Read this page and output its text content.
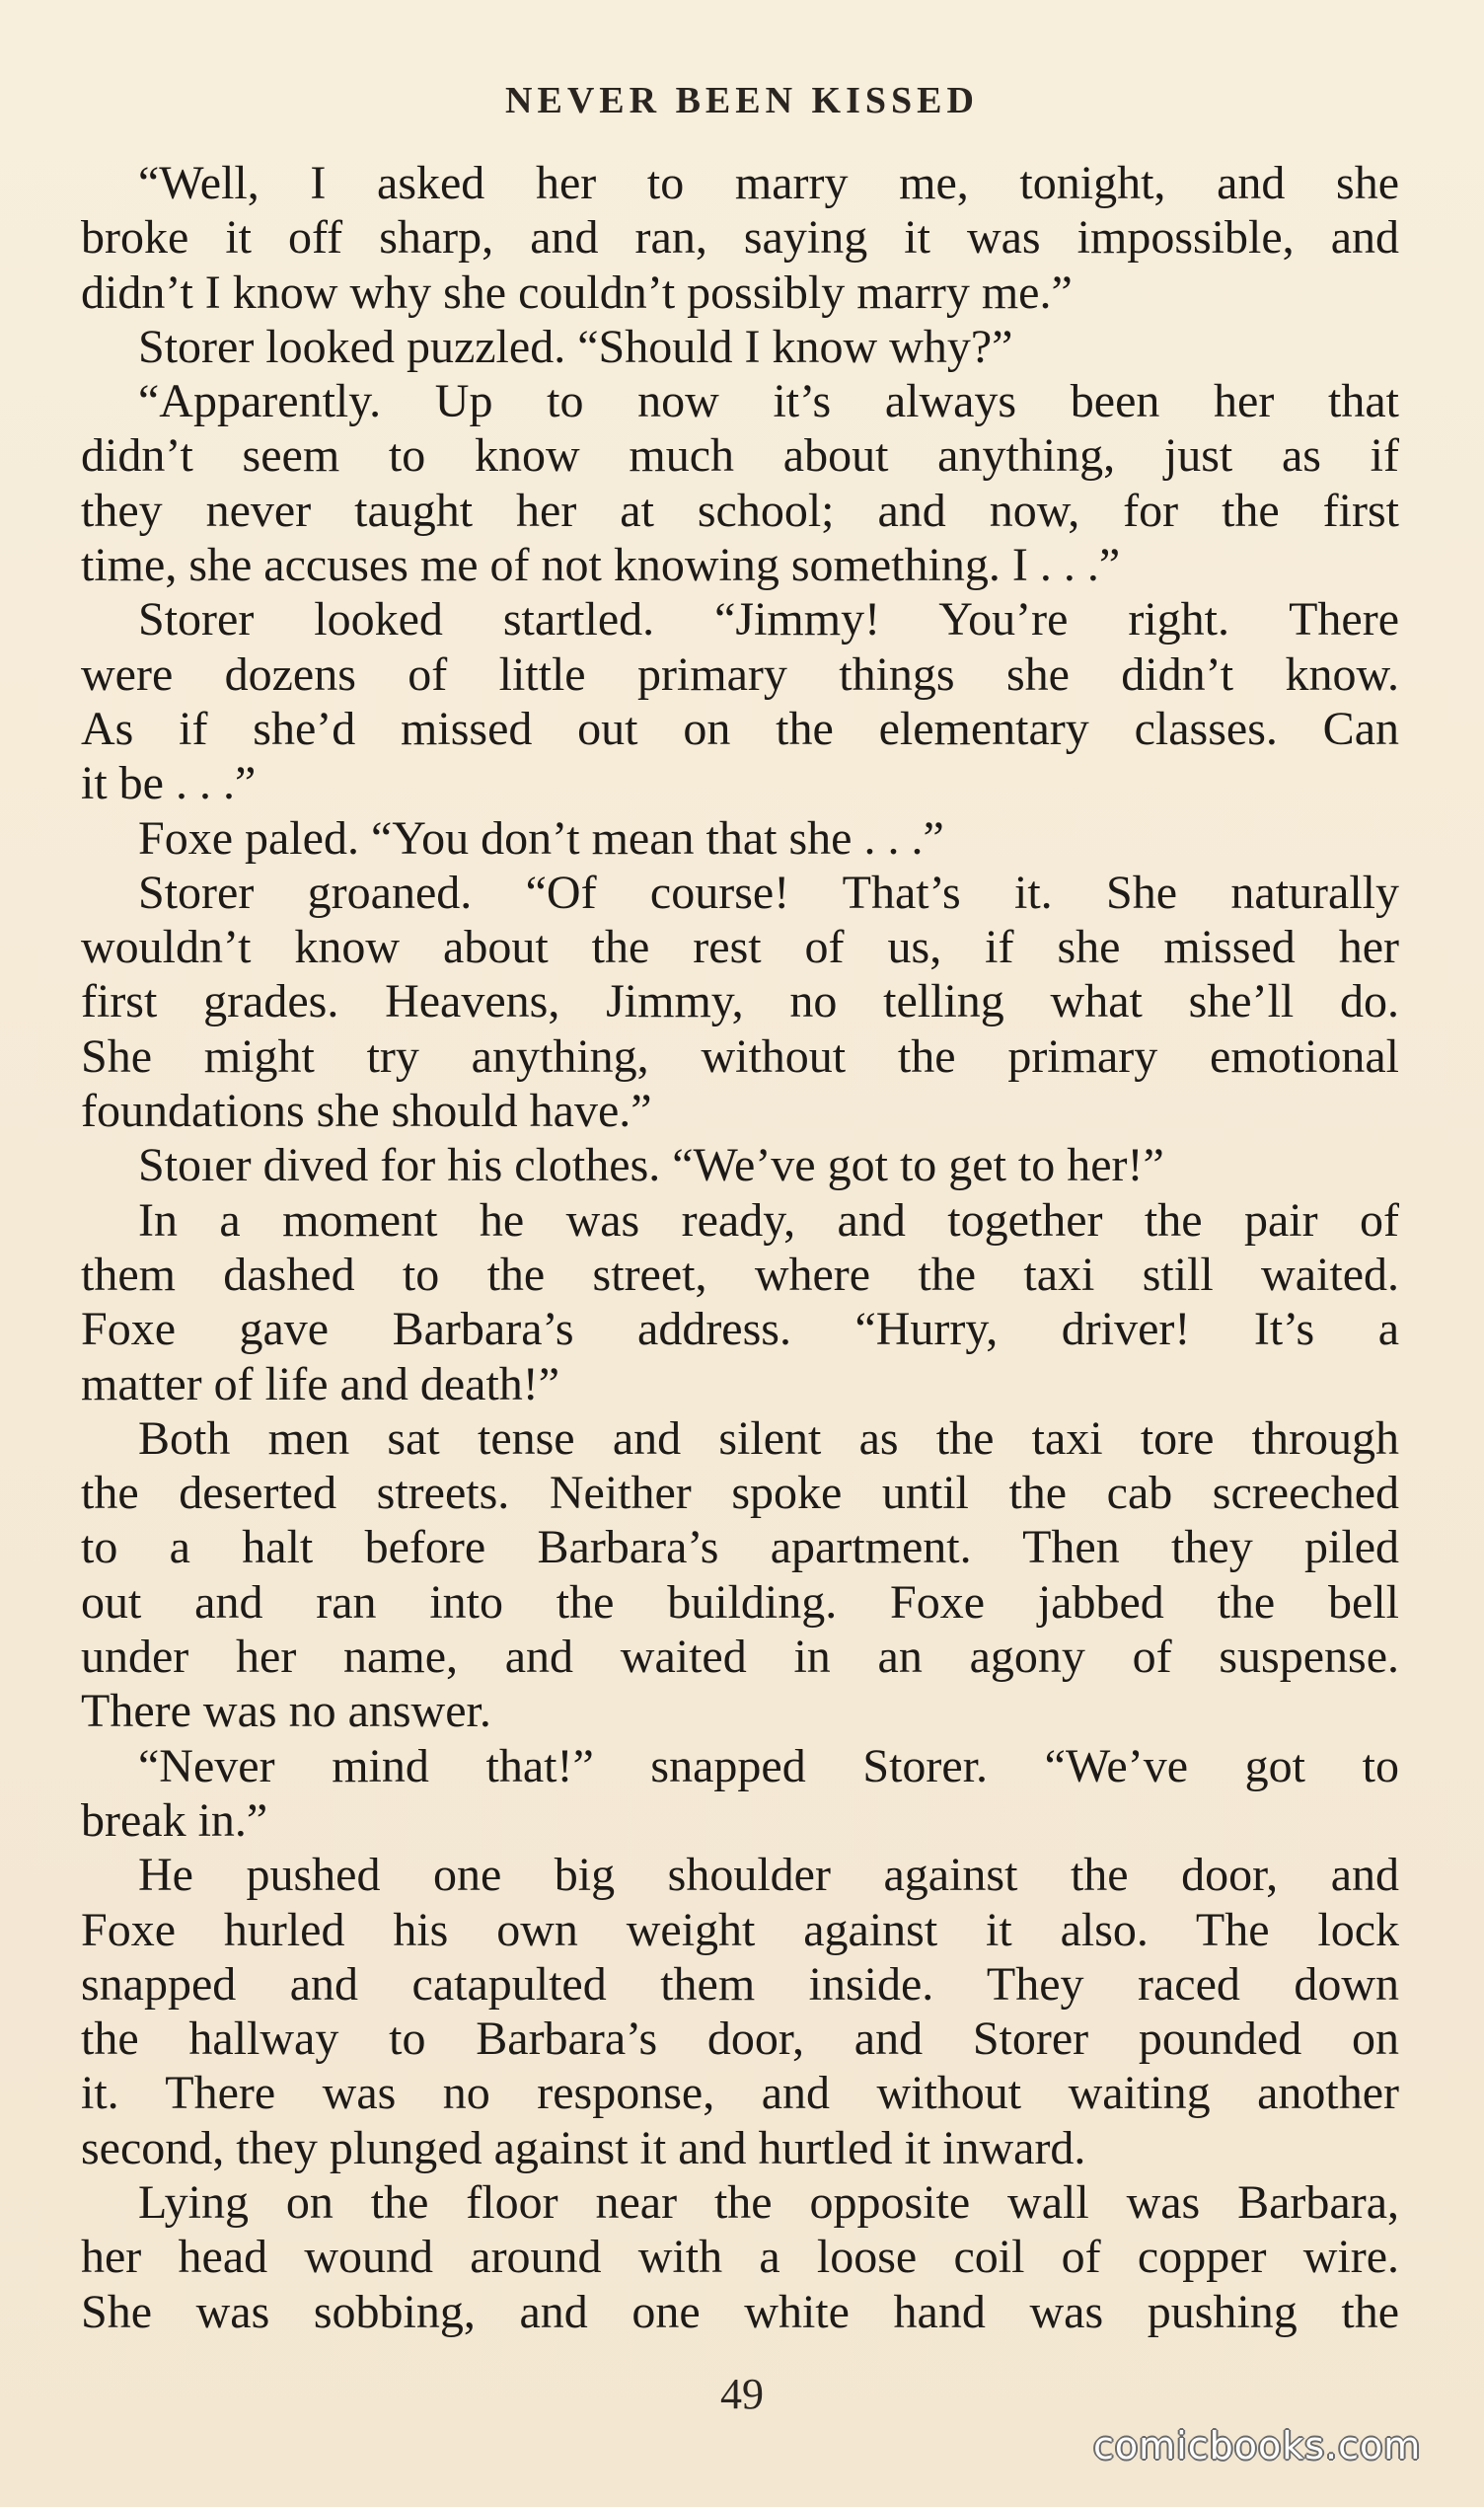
NEVER BEEN KISSED
“Well, I asked her to marry me, tonight, and she
broke it off sharp, and ran, saying it was impossible, and
didn’t I know why she couldn’t possibly marry me.”
Storer looked puzzled. “Should I know why?”
“Apparently. Up to now it’s always been her that
didn’t seem to know much about anything, just as if
they never taught her at school; and now, for the first
time, she accuses me of not knowing something. I . . .”
Storer looked startled. “Jimmy! You’re right. There
were dozens of little primary things she didn’t know.
As if she’d missed out on the elementary classes. Can
it be . . .”
Foxe paled. “You don’t mean that she . . .”
Storer groaned. “Of course! That’s it. She naturally
wouldn’t know about the rest of us, if she missed her
first grades. Heavens, Jimmy, no telling what she’ll do.
She might try anything, without the primary emotional
foundations she should have.”
Stoıer dived for his clothes. “We’ve got to get to her!”
In a moment he was ready, and together the pair of
them dashed to the street, where the taxi still waited.
Foxe gave Barbara’s address. “Hurry, driver! It’s a
matter of life and death!”
Both men sat tense and silent as the taxi tore through
the deserted streets. Neither spoke until the cab screeched
to a halt before Barbara’s apartment. Then they piled
out and ran into the building. Foxe jabbed the bell
under her name, and waited in an agony of suspense.
There was no answer.
“Never mind that!” snapped Storer. “We’ve got to
break in.”
He pushed one big shoulder against the door, and
Foxe hurled his own weight against it also. The lock
snapped and catapulted them inside. They raced down
the hallway to Barbara’s door, and Storer pounded on
it. There was no response, and without waiting another
second, they plunged against it and hurtled it inward.
Lying on the floor near the opposite wall was Barbara,
her head wound around with a loose coil of copper wire.
She was sobbing, and one white hand was pushing the
49
comicbooks.com
